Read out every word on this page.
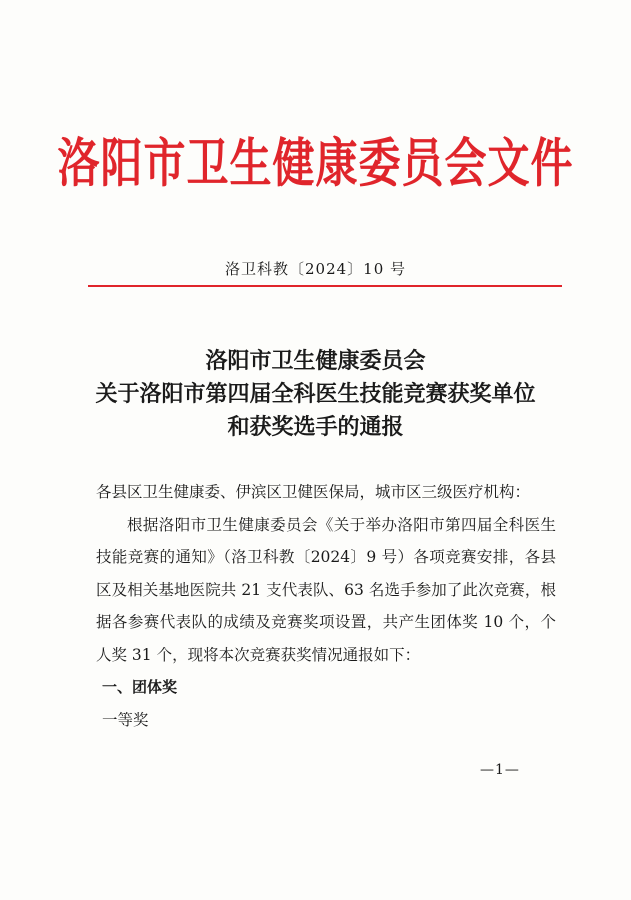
洛阳市卫生健康委员会文件
洛卫科教〔2024〕10 号
洛阳市卫生健康委员会
关于洛阳市第四届全科医生技能竞赛获奖单位
和获奖选手的通报

各县区卫生健康委、伊滨区卫健医保局，城市区三级医疗机构：

根据洛阳市卫生健康委员会《关于举办洛阳市第四届全科医生技能竞赛的通知》（洛卫科教〔2024〕9 号）各项竞赛安排，各县区及相关基地医院共 21 支代表队、63 名选手参加了此次竞赛，根据各参赛代表队的成绩及竞赛奖项设置，共产生团体奖 10 个，个人奖 31 个，现将本次竞赛获奖情况通报如下：

一、团体奖

一等奖

—1—
